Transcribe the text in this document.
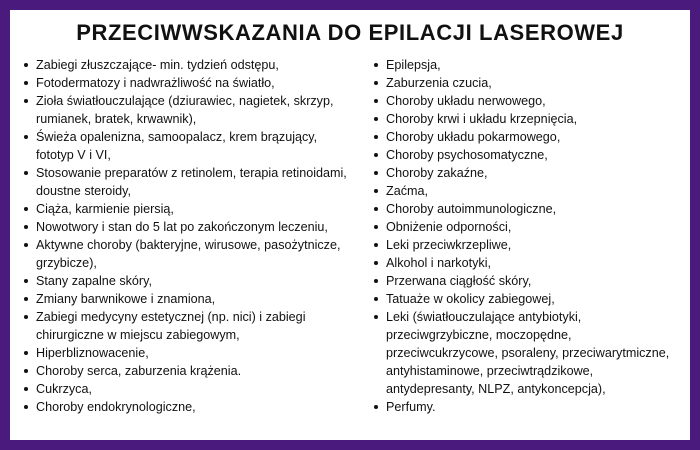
PRZECIWWSKAZANIA DO EPILACJI LASEROWEJ
Zabiegi złuszczające- min. tydzień odstępu,
Fotodermatozy i nadwrażliwość na światło,
Zioła światłouczulające (dziurawiec, nagietek, skrzyp, rumianek, bratek, krwawnik),
Świeża opalenizna, samoopalacz, krem brązujący, fototyp V i VI,
Stosowanie preparatów z retinolem, terapia retinoidami, doustne steroidy,
Ciąża, karmienie piersią,
Nowotwory i stan do 5 lat po zakończonym leczeniu,
Aktywne choroby (bakteryjne, wirusowe, pasożytnicze, grzybicze),
Stany zapalne skóry,
Zmiany barwnikowe i znamiona,
Zabiegi medycyny estetycznej (np. nici) i zabiegi chirurgiczne w miejscu zabiegowym,
Hiperbliznowacenie,
Choroby serca, zaburzenia krążenia.
Cukrzyca,
Choroby endokrynologiczne,
Epilepsja,
Zaburzenia czucia,
Choroby układu nerwowego,
Choroby krwi i układu krzepnięcia,
Choroby układu pokarmowego,
Choroby psychosomatyczne,
Choroby zakaźne,
Zaćma,
Choroby autoimmunologiczne,
Obniżenie odporności,
Leki przeciwkrzepliwe,
Alkohol i narkotyki,
Przerwana ciągłość skóry,
Tatuaże w okolicy zabiegowej,
Leki (światłouczulające antybiotyki, przeciwgrzybiczne, moczopędne, przeciwcukrzycowe, psoraleny, przeciwarytmiczne, antyhistaminowe, przeciwtrądzikowe, antydepresanty, NLPZ, antykoncepcja),
Perfumy.
